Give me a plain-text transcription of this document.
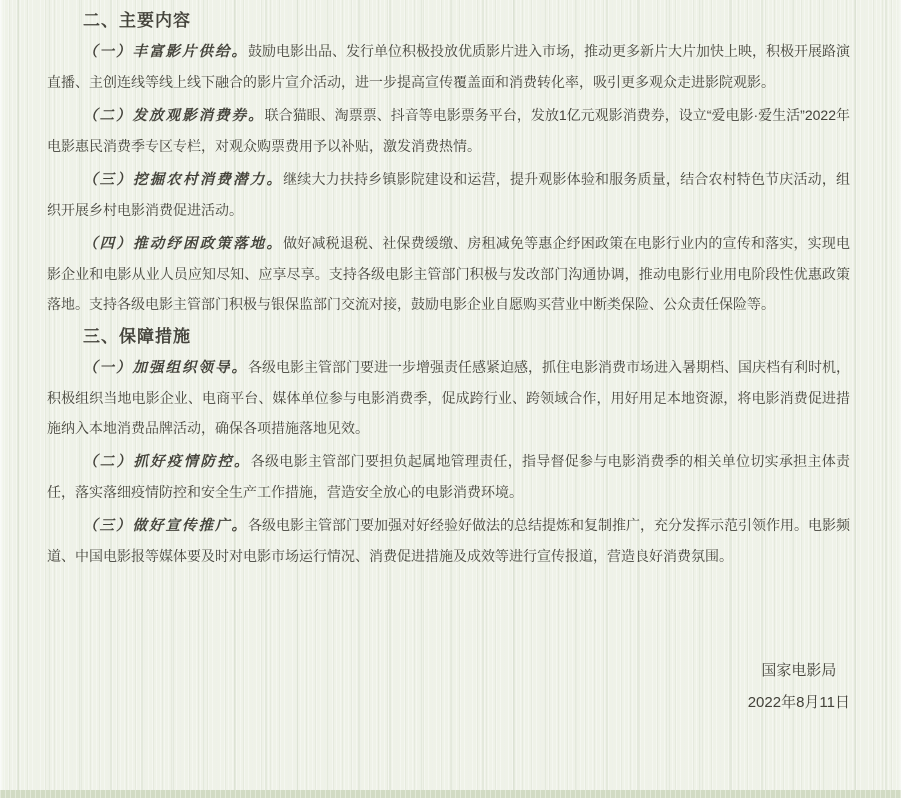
二、主要内容

（一）丰富影片供给。鼓励电影出品、发行单位积极投放优质影片进入市场，推动更多新片大片加快上映，积极开展路演直播、主创连线等线上线下融合的影片宣介活动，进一步提高宣传覆盖面和消费转化率，吸引更多观众走进影院观影。

（二）发放观影消费券。联合猫眼、淘票票、抖音等电影票务平台，发放1亿元观影消费券，设立“爱电影·爱生活”2022年电影惠民消费季专区专栏，对观众购票费用予以补贴，激发消费热情。

（三）挖掘农村消费潜力。继续大力扶持乡镇影院建设和运营，提升观影体验和服务质量，结合农村特色节庆活动，组织开展乡村电影消费促进活动。

（四）推动纾困政策落地。做好减税退税、社保费缓缴、房租减免等惠企纾困政策在电影行业内的宣传和落实，实现电影企业和电影从业人员应知尽知、应享尽享。支持各级电影主管部门积极与发改部门沟通协调，推动电影行业用电阶段性优惠政策落地。支持各级电影主管部门积极与银保监部门交流对接，鼓励电影企业自愿购买营业中断类保险、公众责任保险等。

三、保障措施

（一）加强组织领导。各级电影主管部门要进一步增强责任感紧迫感，抓住电影消费市场进入暑期档、国庆档有利时机，积极组织当地电影企业、电商平台、媒体单位参与电影消费季，促成跨行业、跨领域合作，用好用足本地资源，将电影消费促进措施纳入本地消费品牌活动，确保各项措施落地见效。

（二）抓好疫情防控。各级电影主管部门要担负起属地管理责任，指导督促参与电影消费季的相关单位切实承担主体责任，落实落细疫情防控和安全生产工作措施，营造安全放心的电影消费环境。

（三）做好宣传推广。各级电影主管部门要加强对好经验好做法的总结提炼和复制推广，充分发挥示范引领作用。电影频道、中国电影报等媒体要及时对电影市场运行情况、消费促进措施及成效等进行宣传报道，营造良好消费氛围。

国家电影局

2022年8月11日
